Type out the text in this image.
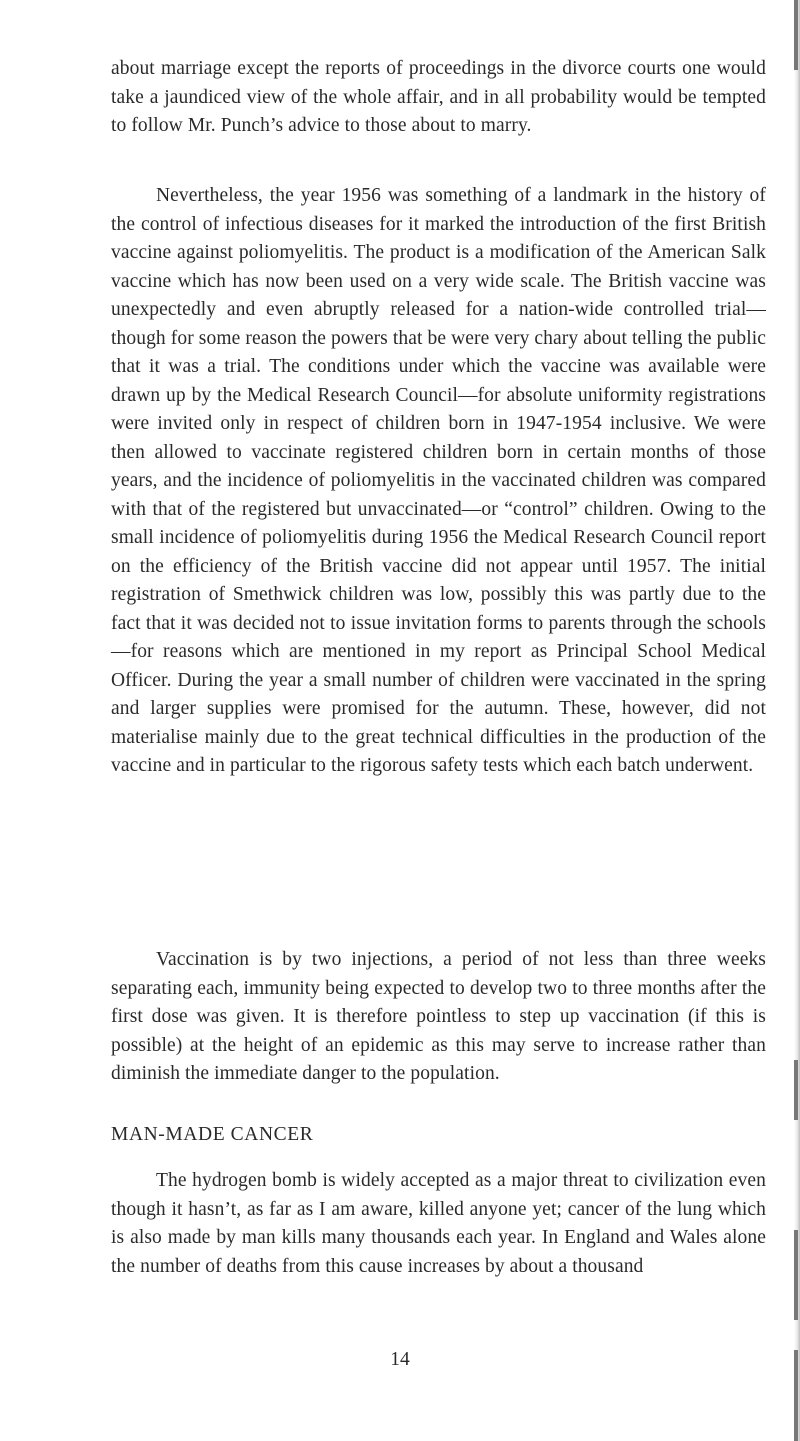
about marriage except the reports of proceedings in the divorce courts one would take a jaundiced view of the whole affair, and in all probability would be tempted to follow Mr. Punch’s advice to those about to marry.

Nevertheless, the year 1956 was something of a landmark in the history of the control of infectious diseases for it marked the introduction of the first British vaccine against poliomyelitis. The product is a modification of the American Salk vaccine which has now been used on a very wide scale. The British vaccine was unexpectedly and even abruptly released for a nation-wide controlled trial—though for some reason the powers that be were very chary about telling the public that it was a trial. The conditions under which the vaccine was available were drawn up by the Medical Research Council—for absolute uniformity registrations were invited only in respect of children born in 1947-1954 inclusive. We were then allowed to vaccinate registered children born in certain months of those years, and the incidence of poliomyelitis in the vaccinated children was compared with that of the registered but unvaccinated—or “control” children. Owing to the small incidence of poliomyelitis during 1956 the Medical Research Council report on the efficiency of the British vaccine did not appear until 1957. The initial registration of Smethwick children was low, possibly this was partly due to the fact that it was decided not to issue invitation forms to parents through the schools—for reasons which are mentioned in my report as Principal School Medical Officer. During the year a small number of children were vaccinated in the spring and larger supplies were promised for the autumn. These, however, did not materialise mainly due to the great technical difficulties in the production of the vaccine and in particular to the rigorous safety tests which each batch underwent.

Vaccination is by two injections, a period of not less than three weeks separating each, immunity being expected to develop two to three months after the first dose was given. It is therefore pointless to step up vaccination (if this is possible) at the height of an epidemic as this may serve to increase rather than diminish the immediate danger to the population.

MAN-MADE CANCER

The hydrogen bomb is widely accepted as a major threat to civilization even though it hasn’t, as far as I am aware, killed anyone yet; cancer of the lung which is also made by man kills many thousands each year. In England and Wales alone the number of deaths from this cause increases by about a thousand

14
